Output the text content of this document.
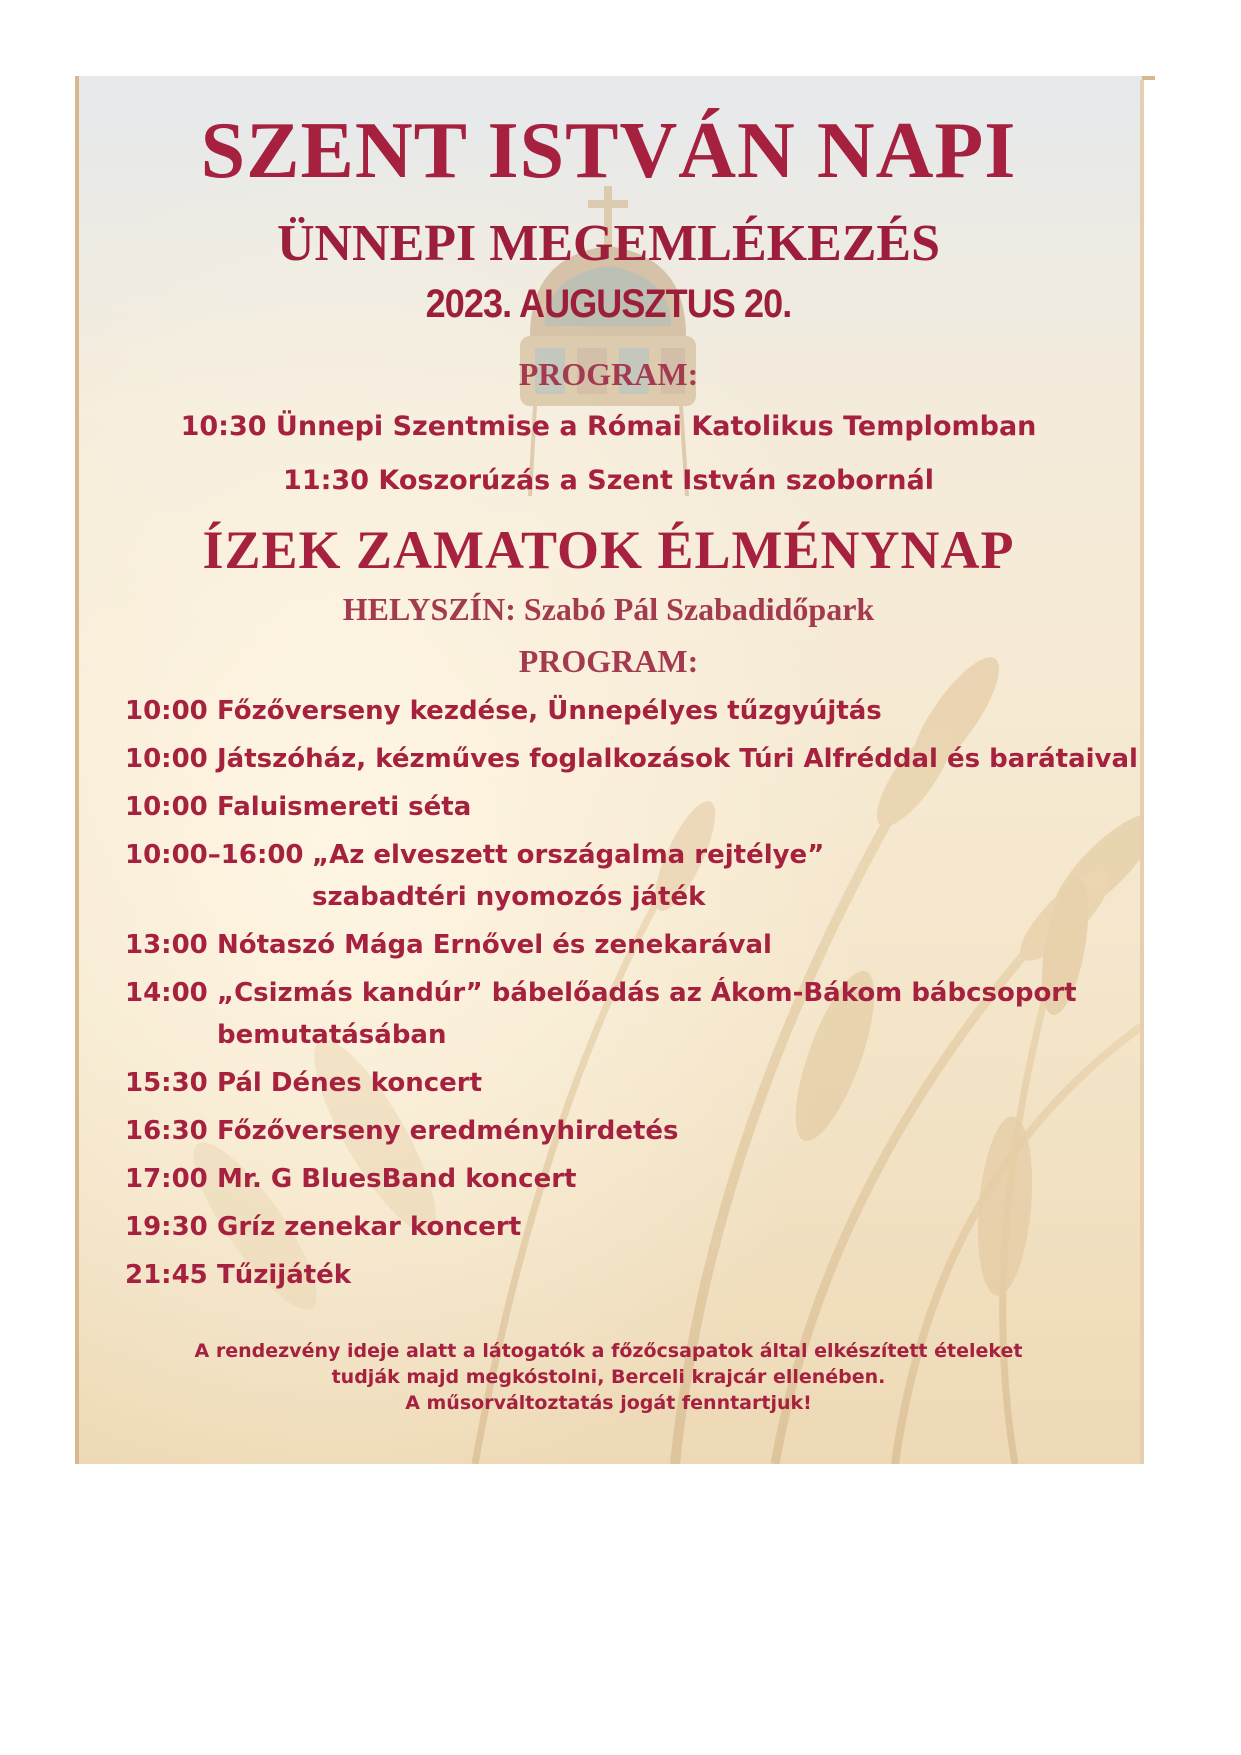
SZENT ISTVÁN NAPI
ÜNNEPI MEGEMLÉKEZÉS
2023. AUGUSZTUS 20.
PROGRAM:
10:30 Ünnepi Szentmise a Római Katolikus Templomban
11:30 Koszorúzás a Szent István szobornál
ÍZEK ZAMATOK ÉLMÉNYNAP
HELYSZÍN: Szabó Pál Szabadidőpark
PROGRAM:
10:00 Főzőverseny kezdése, Ünnepélyes tűzgyújtás
10:00 Játszóház, kézműves foglalkozások Túri Alfréddal és barátaival
10:00 Faluismereti séta
10:00–16:00 „Az elveszett országalma rejtélye”
szabadtéri nyomozós játék
13:00 Nótaszó Mága Ernővel és zenekarával
14:00 „Csizmás kandúr” bábelőadás az Ákom-Bákom bábcsoport
bemutatásában
15:30 Pál Dénes koncert
16:30 Főzőverseny eredményhirdetés
17:00 Mr. G BluesBand koncert
19:30 Gríz zenekar koncert
21:45 Tűzijáték
A rendezvény ideje alatt a látogatók a főzőcsapatok által elkészített ételeket
tudják majd megkóstolni, Berceli krajcár ellenében.
A műsorváltoztatás jogát fenntartjuk!
